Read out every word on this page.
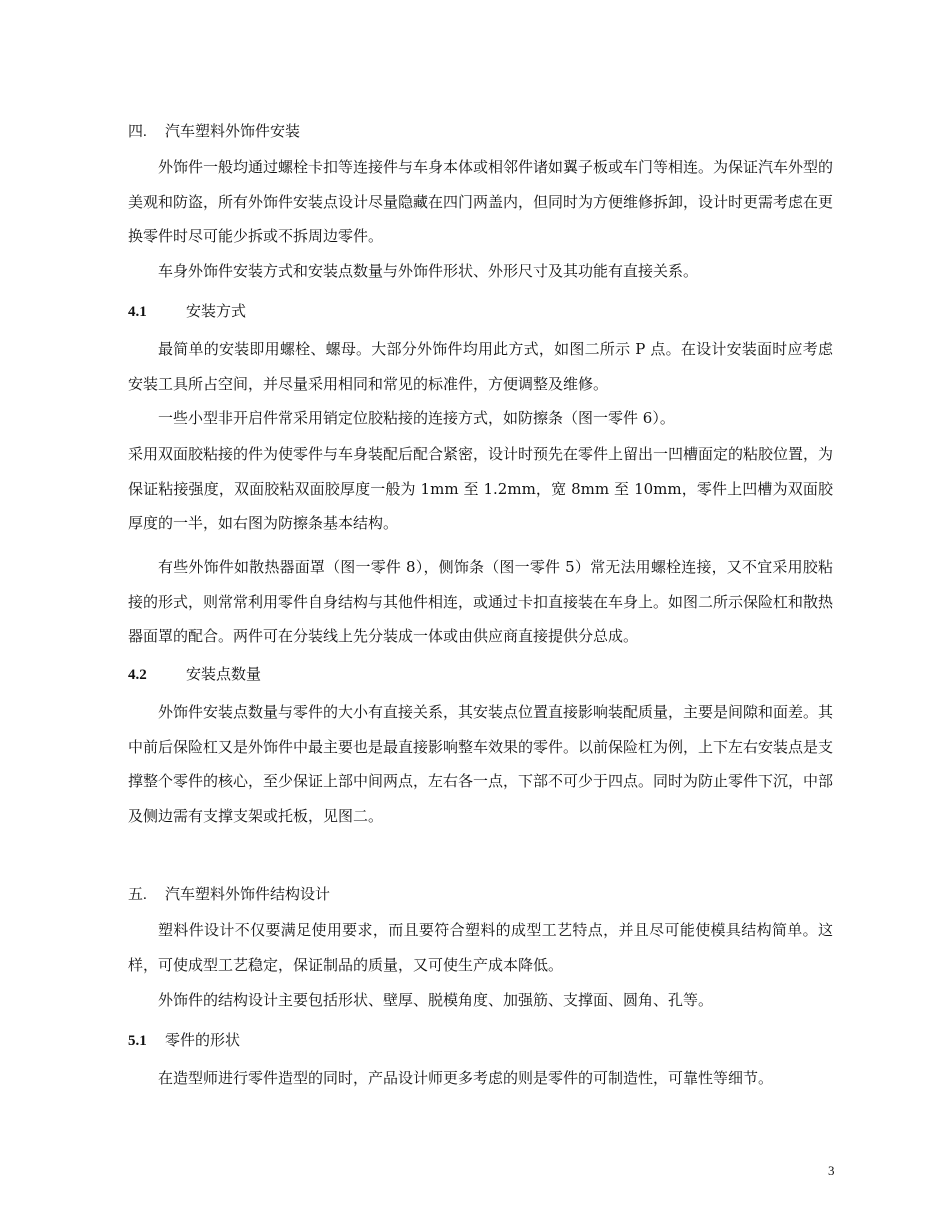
四. 汽车塑料外饰件安装

外饰件一般均通过螺栓卡扣等连接件与车身本体或相邻件诸如翼子板或车门等相连。为保证汽车外型的美观和防盗，所有外饰件安装点设计尽量隐藏在四门两盖内，但同时为方便维修拆卸，设计时更需考虑在更换零件时尽可能少拆或不拆周边零件。

车身外饰件安装方式和安装点数量与外饰件形状、外形尺寸及其功能有直接关系。

4.1	安装方式

最简单的安装即用螺栓、螺母。大部分外饰件均用此方式，如图二所示 P 点。在设计安装面时应考虑安装工具所占空间，并尽量采用相同和常见的标准件，方便调整及维修。

一些小型非开启件常采用销定位胶粘接的连接方式，如防擦条（图一零件 6）。

采用双面胶粘接的件为使零件与车身装配后配合紧密，设计时预先在零件上留出一凹槽面定的粘胶位置，为保证粘接强度，双面胶粘双面胶厚度一般为 1mm 至 1.2mm，宽 8mm 至 10mm，零件上凹槽为双面胶厚度的一半，如右图为防擦条基本结构。

有些外饰件如散热器面罩（图一零件 8），侧饰条（图一零件 5）常无法用螺栓连接，又不宜采用胶粘接的形式，则常常利用零件自身结构与其他件相连，或通过卡扣直接装在车身上。如图二所示保险杠和散热器面罩的配合。两件可在分装线上先分装成一体或由供应商直接提供分总成。

4.2	安装点数量

外饰件安装点数量与零件的大小有直接关系，其安装点位置直接影响装配质量，主要是间隙和面差。其中前后保险杠又是外饰件中最主要也是最直接影响整车效果的零件。以前保险杠为例，上下左右安装点是支撑整个零件的核心，至少保证上部中间两点，左右各一点，下部不可少于四点。同时为防止零件下沉，中部及侧边需有支撑支架或托板，见图二。

五. 汽车塑料外饰件结构设计

塑料件设计不仅要满足使用要求，而且要符合塑料的成型工艺特点，并且尽可能使模具结构简单。这样，可使成型工艺稳定，保证制品的质量，又可使生产成本降低。

外饰件的结构设计主要包括形状、壁厚、脱模角度、加强筋、支撑面、圆角、孔等。

5.1 零件的形状

在造型师进行零件造型的同时，产品设计师更多考虑的则是零件的可制造性，可靠性等细节。

3
